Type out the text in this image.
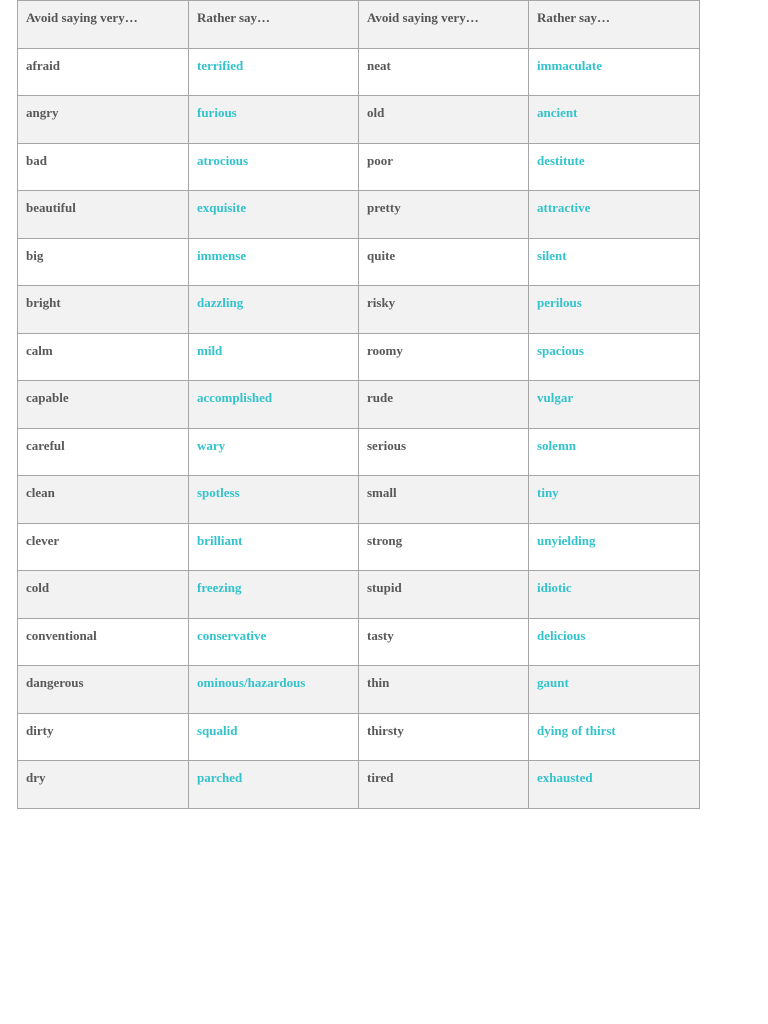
Avoid saying very…	Rather say…	Avoid saying very…	Rather say…
afraid	terrified	neat	immaculate
angry	furious	old	ancient
bad	atrocious	poor	destitute
beautiful	exquisite	pretty	attractive
big	immense	quite	silent
bright	dazzling	risky	perilous
calm	mild	roomy	spacious
capable	accomplished	rude	vulgar
careful	wary	serious	solemn
clean	spotless	small	tiny
clever	brilliant	strong	unyielding
cold	freezing	stupid	idiotic
conventional	conservative	tasty	delicious
dangerous	ominous/hazardous	thin	gaunt
dirty	squalid	thirsty	dying of thirst
dry	parched	tired	exhausted
